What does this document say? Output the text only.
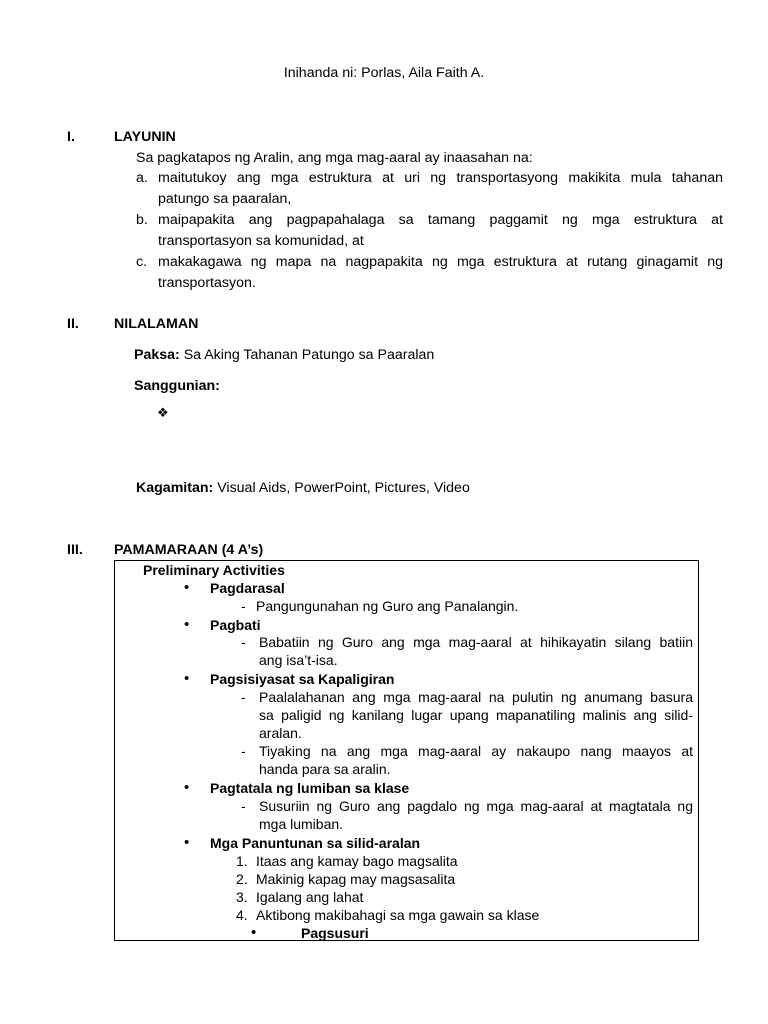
Inihanda ni: Porlas, Aila Faith A.
I.	LAYUNIN
Sa pagkatapos ng Aralin, ang mga mag-aaral ay inaasahan na:
a. maitutukoy ang mga estruktura at uri ng transportasyong makikita mula tahanan
patungo sa paaralan,
b. maipapakita ang pagpapahalaga sa tamang paggamit ng mga estruktura at
transportasyon sa komunidad, at
c. makakagawa ng mapa na nagpapakita ng mga estruktura at rutang ginagamit ng
transportasyon.
II. NILALAMAN
Paksa: Sa Aking Tahanan Patungo sa Paaralan
Sanggunian:
❖
Kagamitan: Visual Aids, PowerPoint, Pictures, Video
III. PAMAMARAAN (4 A’s)
Preliminary Activities
• Pagdarasal
- Pangungunahan ng Guro ang Panalangin.
• Pagbati
- Babatiin ng Guro ang mga mag-aaral at hihikayatin silang batiin
ang isa’t-isa.
• Pagsisiyasat sa Kapaligiran
- Paalalahanan ang mga mag-aaral na pulutin ng anumang basura
sa paligid ng kanilang lugar upang mapanatiling malinis ang silid-
aralan.
- Tiyaking na ang mga mag-aaral ay nakaupo nang maayos at
handa para sa aralin.
• Pagtatala ng lumiban sa klase
- Susuriin ng Guro ang pagdalo ng mga mag-aaral at magtatala ng
mga lumiban.
• Mga Panuntunan sa silid-aralan
1. Itaas ang kamay bago magsalita
2. Makinig kapag may magsasalita
3. Igalang ang lahat
4. Aktibong makibahagi sa mga gawain sa klase
•	Pagsusuri
